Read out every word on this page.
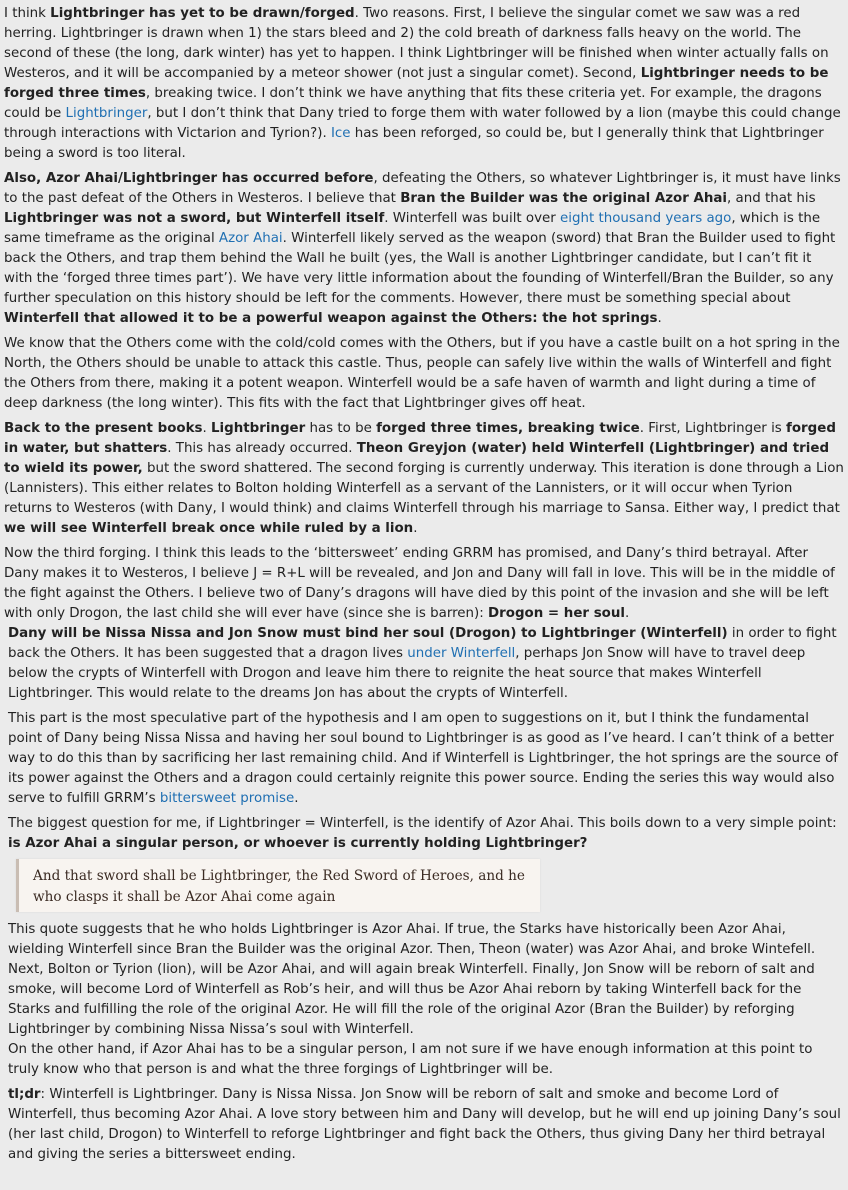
I think Lightbringer has yet to be drawn/forged. Two reasons. First, I believe the singular comet we saw was a red herring. Lightbringer is drawn when 1) the stars bleed and 2) the cold breath of darkness falls heavy on the world. The second of these (the long, dark winter) has yet to happen. I think Lightbringer will be finished when winter actually falls on Westeros, and it will be accompanied by a meteor shower (not just a singular comet). Second, Lightbringer needs to be forged three times, breaking twice. I don’t think we have anything that fits these criteria yet. For example, the dragons could be Lightbringer, but I don’t think that Dany tried to forge them with water followed by a lion (maybe this could change through interactions with Victarion and Tyrion?). Ice has been reforged, so could be, but I generally think that Lightbringer being a sword is too literal.

Also, Azor Ahai/Lightbringer has occurred before, defeating the Others, so whatever Lightbringer is, it must have links to the past defeat of the Others in Westeros. I believe that Bran the Builder was the original Azor Ahai, and that his Lightbringer was not a sword, but Winterfell itself. Winterfell was built over eight thousand years ago, which is the same timeframe as the original Azor Ahai. Winterfell likely served as the weapon (sword) that Bran the Builder used to fight back the Others, and trap them behind the Wall he built (yes, the Wall is another Lightbringer candidate, but I can’t fit it with the ‘forged three times part’). We have very little information about the founding of Winterfell/Bran the Builder, so any further speculation on this history should be left for the comments. However, there must be something special about Winterfell that allowed it to be a powerful weapon against the Others: the hot springs.

We know that the Others come with the cold/cold comes with the Others, but if you have a castle built on a hot spring in the North, the Others should be unable to attack this castle. Thus, people can safely live within the walls of Winterfell and fight the Others from there, making it a potent weapon. Winterfell would be a safe haven of warmth and light during a time of deep darkness (the long winter). This fits with the fact that Lightbringer gives off heat.

Back to the present books. Lightbringer has to be forged three times, breaking twice. First, Lightbringer is forged in water, but shatters. This has already occurred. Theon Greyjon (water) held Winterfell (Lightbringer) and tried to wield its power, but the sword shattered. The second forging is currently underway. This iteration is done through a Lion (Lannisters). This either relates to Bolton holding Winterfell as a servant of the Lannisters, or it will occur when Tyrion returns to Westeros (with Dany, I would think) and claims Winterfell through his marriage to Sansa. Either way, I predict that we will see Winterfell break once while ruled by a lion.

Now the third forging. I think this leads to the ‘bittersweet’ ending GRRM has promised, and Dany’s third betrayal. After Dany makes it to Westeros, I believe J = R+L will be revealed, and Jon and Dany will fall in love. This will be in the middle of the fight against the Others. I believe two of Dany’s dragons will have died by this point of the invasion and she will be left with only Drogon, the last child she will ever have (since she is barren): Drogon = her soul.

Dany will be Nissa Nissa and Jon Snow must bind her soul (Drogon) to Lightbringer (Winterfell) in order to fight back the Others. It has been suggested that a dragon lives under Winterfell, perhaps Jon Snow will have to travel deep below the crypts of Winterfell with Drogon and leave him there to reignite the heat source that makes Winterfell Lightbringer. This would relate to the dreams Jon has about the crypts of Winterfell.

This part is the most speculative part of the hypothesis and I am open to suggestions on it, but I think the fundamental point of Dany being Nissa Nissa and having her soul bound to Lightbringer is as good as I’ve heard. I can’t think of a better way to do this than by sacrificing her last remaining child. And if Winterfell is Lightbringer, the hot springs are the source of its power against the Others and a dragon could certainly reignite this power source. Ending the series this way would also serve to fulfill GRRM’s bittersweet promise.

The biggest question for me, if Lightbringer = Winterfell, is the identify of Azor Ahai. This boils down to a very simple point: is Azor Ahai a singular person, or whoever is currently holding Lightbringer?

And that sword shall be Lightbringer, the Red Sword of Heroes, and he who clasps it shall be Azor Ahai come again

This quote suggests that he who holds Lightbringer is Azor Ahai. If true, the Starks have historically been Azor Ahai, wielding Winterfell since Bran the Builder was the original Azor. Then, Theon (water) was Azor Ahai, and broke Wintefell. Next, Bolton or Tyrion (lion), will be Azor Ahai, and will again break Winterfell. Finally, Jon Snow will be reborn of salt and smoke, will become Lord of Winterfell as Rob’s heir, and will thus be Azor Ahai reborn by taking Winterfell back for the Starks and fulfilling the role of the original Azor. He will fill the role of the original Azor (Bran the Builder) by reforging Lightbringer by combining Nissa Nissa’s soul with Winterfell.

On the other hand, if Azor Ahai has to be a singular person, I am not sure if we have enough information at this point to truly know who that person is and what the three forgings of Lightbringer will be.

tl;dr: Winterfell is Lightbringer. Dany is Nissa Nissa. Jon Snow will be reborn of salt and smoke and become Lord of Winterfell, thus becoming Azor Ahai. A love story between him and Dany will develop, but he will end up joining Dany’s soul (her last child, Drogon) to Winterfell to reforge Lightbringer and fight back the Others, thus giving Dany her third betrayal and giving the series a bittersweet ending.
